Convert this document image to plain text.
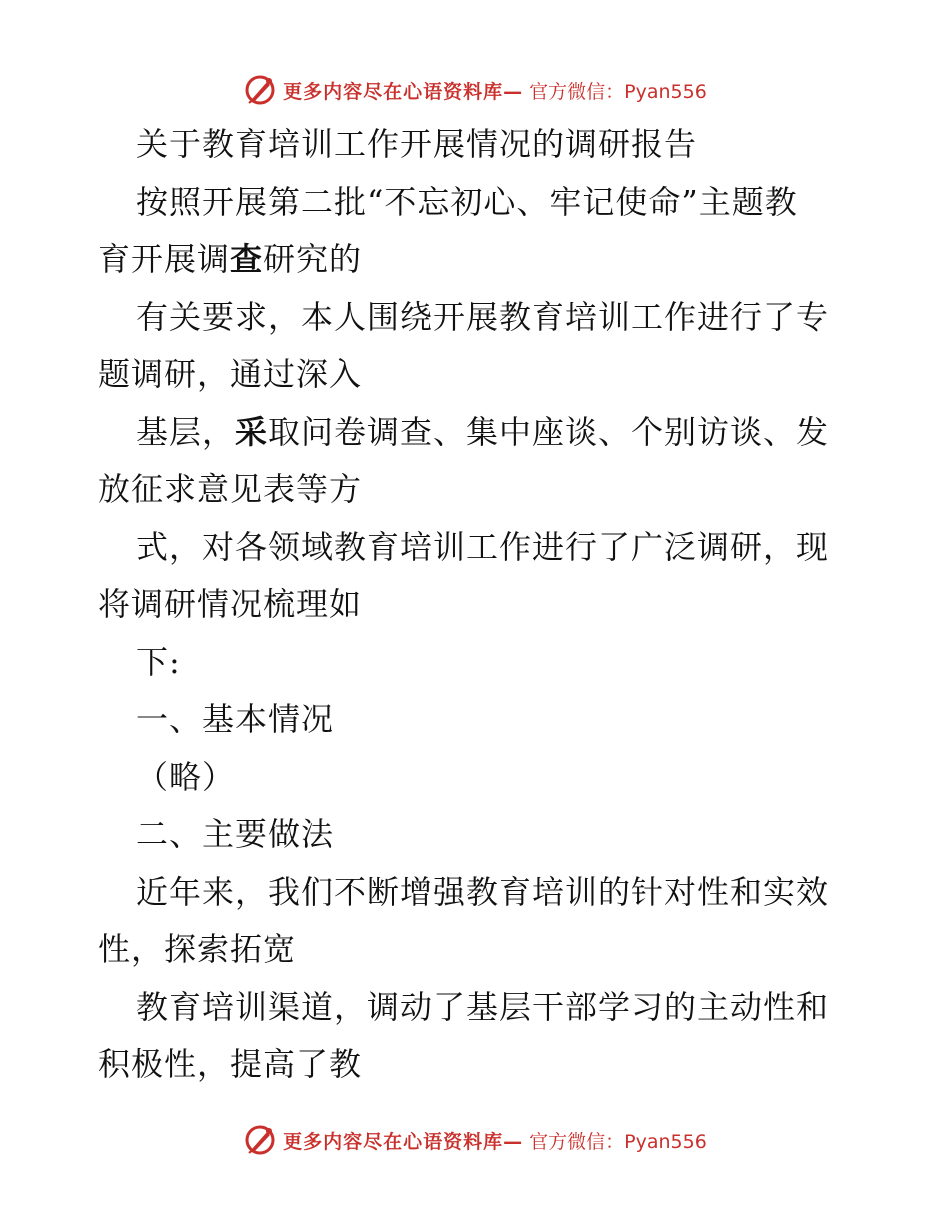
更多内容尽在心语资料库— 官方微信：Pyan556
关于教育培训工作开展情况的调研报告
按照开展第二批“不忘初心、牢记使命”主题教
育开展调查研究的
有关要求，本人围绕开展教育培训工作进行了专
题调研，通过深入
基层，采取问卷调查、集中座谈、个别访谈、发
放征求意见表等方
式，对各领域教育培训工作进行了广泛调研，现
将调研情况梳理如
下:
一、基本情况
（略）
二、主要做法
近年来，我们不断增强教育培训的针对性和实效
性，探索拓宽
教育培训渠道，调动了基层干部学习的主动性和
积极性，提高了教
更多内容尽在心语资料库— 官方微信：Pyan556
